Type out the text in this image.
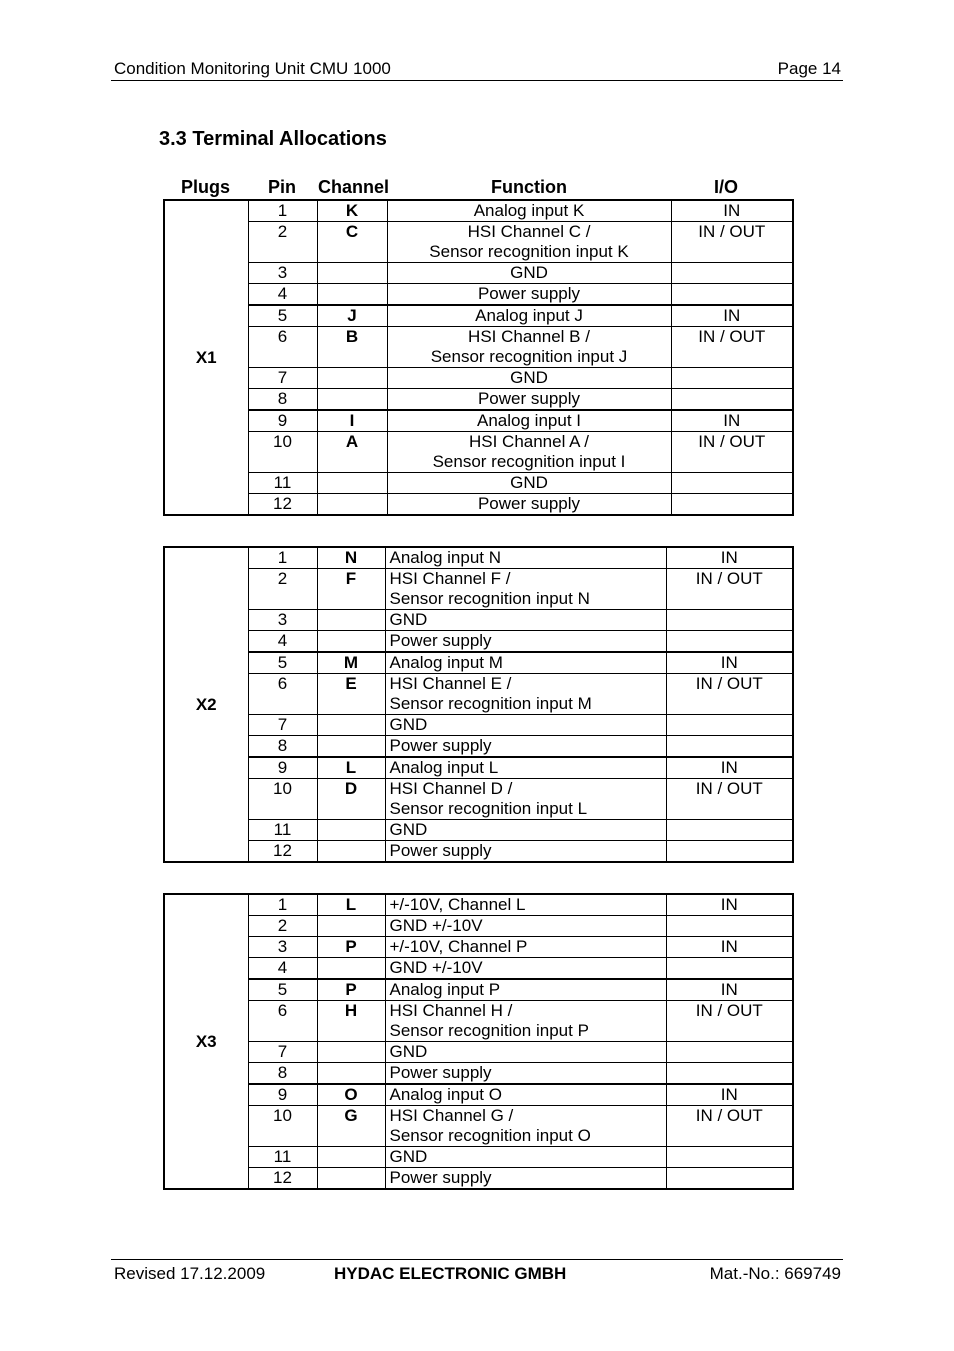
Condition Monitoring Unit CMU 1000	Page 14
3.3 Terminal Allocations
Plugs Pin Channel	Function	I/O
X1	1	K	Analog input K	IN
	2	C	HSI Channel C /
Sensor recognition input K	IN / OUT
	3		GND	

	4		Power supply	

	5	J	Analog input J	IN
	6	B	HSI Channel B /
Sensor recognition input J	IN / OUT
	7		GND	

	8		Power supply	

	9	I	Analog input I	IN
	10	A	HSI Channel A /
Sensor recognition input I	IN / OUT
	11		GND	

	12		Power supply	

X2	1	N	Analog input N	IN
	2	F	HSI Channel F /
Sensor recognition input N	IN / OUT
	3		GND	

	4		Power supply	

	5	M	Analog input M	IN
	6	E	HSI Channel E /
Sensor recognition input M	IN / OUT
	7		GND	

	8		Power supply	

	9	L	Analog input L	IN
	10	D	HSI Channel D /
Sensor recognition input L	IN / OUT
	11		GND	

	12		Power supply	

X3	1	L	+/-10V, Channel L	IN
	2		GND +/-10V	

	3	P	+/-10V, Channel P	IN
	4		GND +/-10V	

	5	P	Analog input P	IN
	6	H	HSI Channel H /
Sensor recognition input P	IN / OUT
	7		GND	

	8		Power supply	

	9	O	Analog input O	IN
	10	G	HSI Channel G /
Sensor recognition input O	IN / OUT
	11		GND	

	12		Power supply	

Revised 17.12.2009	HYDAC ELECTRONIC GMBH	Mat.-No.: 669749
